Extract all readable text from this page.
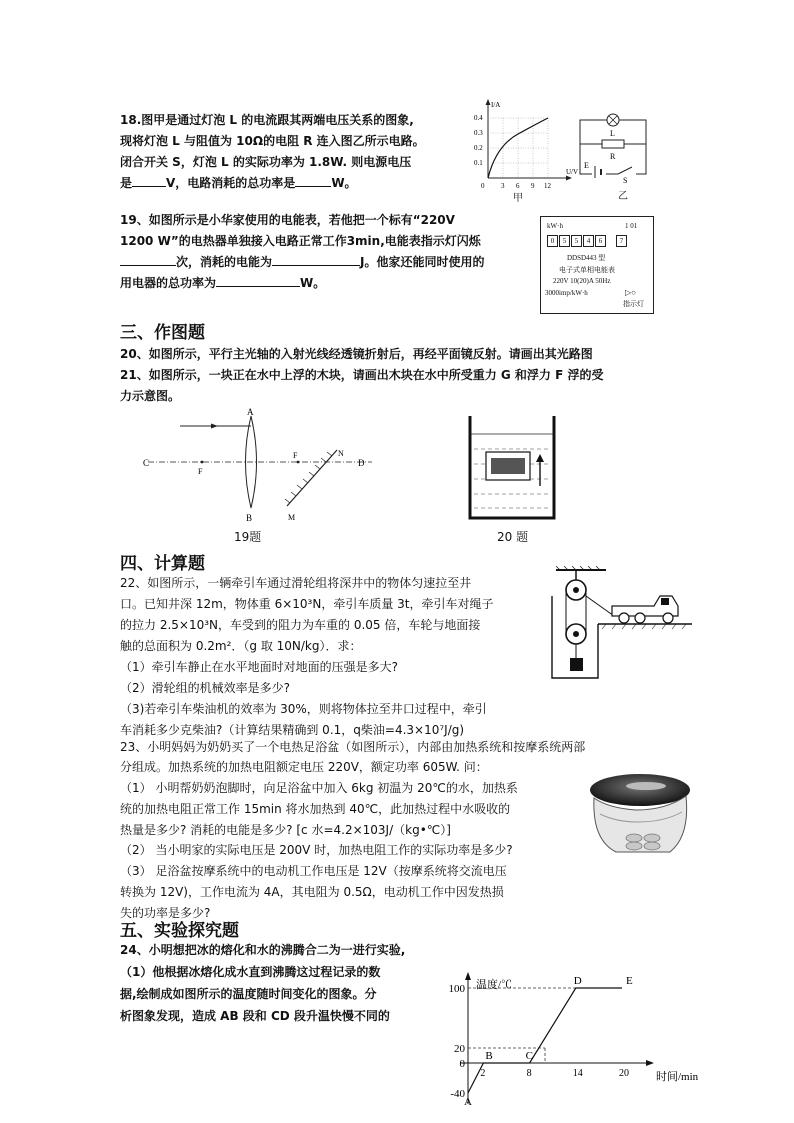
18.图甲是通过灯泡 L 的电流跟其两端电压关系的图象,
现将灯泡 L 与阻值为 10Ω的电阻 R 连入图乙所示电路。
闭合开关 S，灯泡 L 的实际功率为 1.8W. 则电源电压
是	V，电路消耗的总功率是	W。
I/A
U/V
0.4
0.3
0.2
0.1
0 3 6 9 12
甲
L
R
E
S
乙
19、如图所示是小华家使用的电能表，若他把一个标有“220V
1200 W”的电热器单独接入电路正常工作3min,电能表指示灯闪烁
次，消耗的电能为	J。他家还能同时使用的
用电器的总功率为	W。
kW·h	1 01
0	5	5	4	6	7
DDSD443 型
电子式单相电能表
220V 10(20)A 50Hz
3000imp/kW·h	▷○
指示灯
三、作图题
20、如图所示，平行主光轴的入射光线经透镜折射后，再经平面镜反射。请画出其光路图
21、如图所示，一块正在水中上浮的木块，请画出木块在水中所受重力 G 和浮力 F 浮的受
力示意图。
A
B
C	D
F
F	N
M
19题	20 题
四、计算题
22、如图所示，一辆牵引车通过滑轮组将深井中的物体匀速拉至井
口。已知井深 12m，物体重 6×10³N，牵引车质量 3t，牵引车对绳子
的拉力 2.5×10³N，车受到的阻力为车重的 0.05 倍，车轮与地面接
触的总面积为 0.2m²．（g 取 10N/kg）．求：
（1）牵引车静止在水平地面时对地面的压强是多大?
（2）滑轮组的机械效率是多少?
（3)若牵引车柴油机的效率为 30%，则将物体拉至井口过程中，牵引
车消耗多少克柴油?（计算结果精确到 0.1，q柴油=4.3×10⁷J/g)
23、小明妈妈为奶奶买了一个电热足浴盆（如图所示），内部由加热系统和按摩系统两部
分组成。加热系统的加热电阻额定电压 220V，额定功率 605W. 问：
（1） 小明帮奶奶泡脚时，向足浴盆中加入 6kg 初温为 20℃的水，加热系
统的加热电阻正常工作 15min 将水加热到 40℃，此加热过程中水吸收的
热量是多少? 消耗的电能是多少? [c 水=4.2×103J/（kg•℃）]
（2） 当小明家的实际电压是 200V 时，加热电阻工作的实际功率是多少?
（3） 足浴盆按摩系统中的电动机工作电压是 12V（按摩系统将交流电压
转换为 12V)，工作电流为 4A，其电阻为 0.5Ω，电动机工作中因发热损
失的功率是多少?
五、实验探究题
24、小明想把冰的熔化和水的沸腾合二为一进行实验,
（1）他根据冰熔化成水直到沸腾这过程记录的数
据,绘制成如图所示的温度随时间变化的图象。分
析图象发现，造成 AB 段和 CD 段升温快慢不同的
温度/℃
时间/min
A
B	C
D	E
2	8	14	20
100
20
0
-40
